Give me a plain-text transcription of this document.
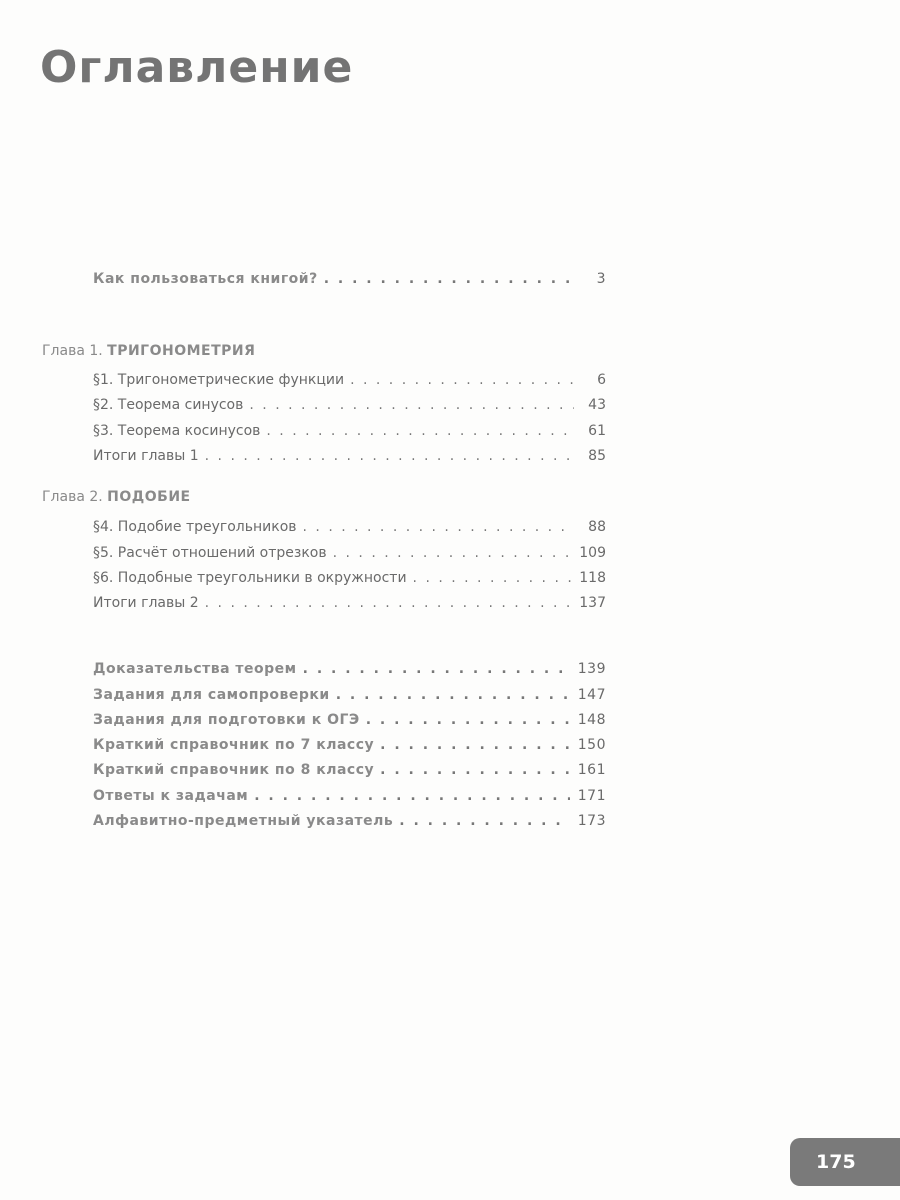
Оглавление
Как пользоваться книгой? . . .	3
Глава 1. ТРИГОНОМЕТРИЯ
§1. Тригонометрические функции . . .	6
§2. Теорема синусов . . .	43
§3. Теорема косинусов . . .	61
Итоги главы 1 . . .	85
Глава 2. ПОДОБИЕ
§4. Подобие треугольников . . .	88
§5. Расчёт отношений отрезков . . .	109
§6. Подобные треугольники в окружности . . .	118
Итоги главы 2 . . .	137
Доказательства теорем . . .	139
Задания для самопроверки . . .	147
Задания для подготовки к ОГЭ . . .	148
Краткий справочник по 7 классу . . .	150
Краткий справочник по 8 классу . . .	161
Ответы к задачам . . .	171
Алфавитно-предметный указатель . . .	173
175
